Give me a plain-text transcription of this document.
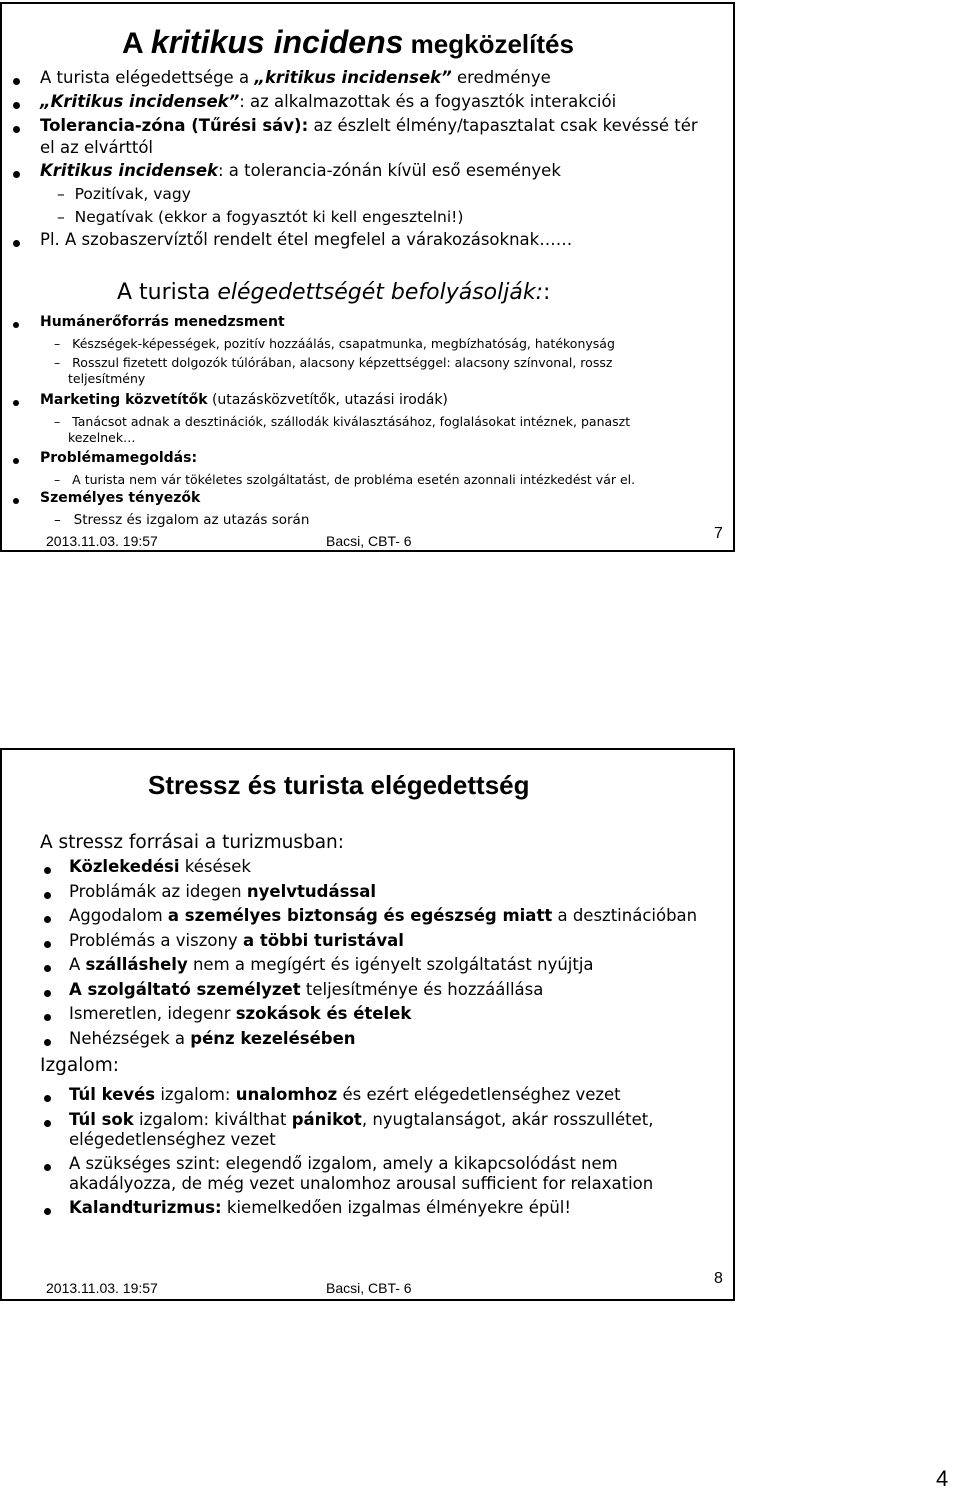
A kritikus incidens megközelítés
A turista elégedettsége a „kritikus incidensek” eredménye
„Kritikus incidensek”: az alkalmazottak és a fogyasztók interakciói
Tolerancia-zóna (Tűrési sáv): az észlelt élmény/tapasztalat csak kevéssé tér
el az elvárttól
Kritikus incidensek: a tolerancia-zónán kívül eső események
–  Pozitívak, vagy
–  Negatívak (ekkor a fogyasztót ki kell engesztelni!)
Pl. A szobaszervíztől rendelt étel megfelel a várakozásoknak……
A turista elégedettségét befolyásolják::
Humánerőforrás menedzsment
–   Készségek-képességek, pozitív hozzáálás, csapatmunka, megbízhatóság, hatékonyság
–   Rosszul fizetett dolgozók túlórában, alacsony képzettséggel: alacsony színvonal, rossz
teljesítmény
Marketing közvetítők (utazásközvetítők, utazási irodák)
–   Tanácsot adnak a desztinációk, szállodák kiválasztásához, foglalásokat intéznek, panaszt
kezelnek…
Problémamegoldás:
–   A turista nem vár tökéletes szolgáltatást, de probléma esetén azonnali intézkedést vár el.
Személyes tényezők
–   Stressz és izgalom az utazás során
2013.11.03. 19:57	Bacsi, CBT- 6	7
Stressz és turista elégedettség
A stressz forrásai a turizmusban:
Közlekedési késések
Problámák az idegen nyelvtudással
Aggodalom a személyes biztonság és egészség miatt a desztinációban
Problémás a viszony a többi turistával
A szálláshely nem a megígért és igényelt szolgáltatást nyújtja
A szolgáltató személyzet teljesítménye és hozzáállása
Ismeretlen, idegenr szokások és ételek
Nehézségek a pénz kezelésében
Izgalom:
Túl kevés izgalom: unalomhoz és ezért elégedetlenséghez vezet
Túl sok izgalom: kiválthat pánikot, nyugtalanságot, akár rosszullétet,
elégedetlenséghez vezet
A szükséges szint: elegendő izgalom, amely a kikapcsolódást nem
akadályozza, de még vezet unalomhoz arousal sufficient for relaxation
Kalandturizmus: kiemelkedően izgalmas élményekre épül!
2013.11.03. 19:57	Bacsi, CBT- 6
8
4
